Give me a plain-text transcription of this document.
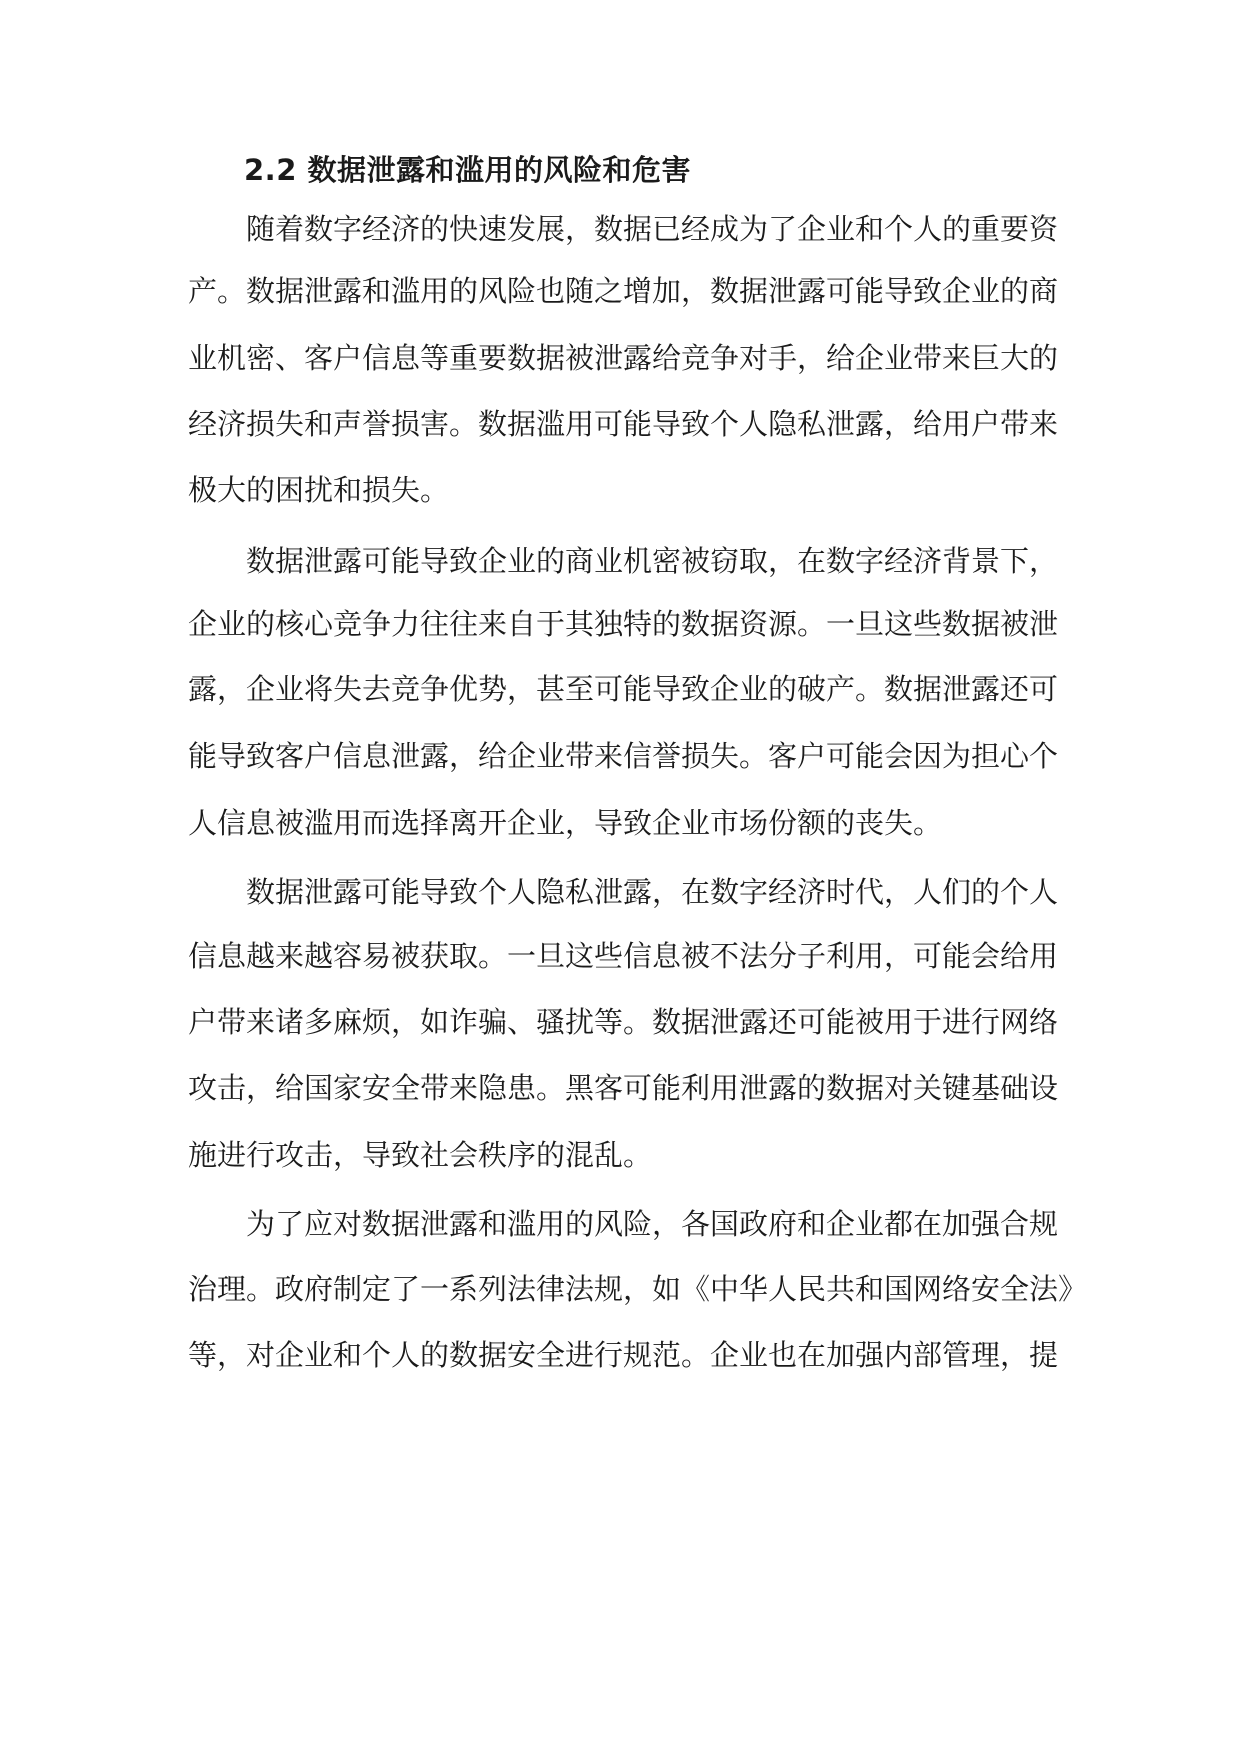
2.2 数据泄露和滥用的风险和危害
随着数字经济的快速发展，数据已经成为了企业和个人的重要资
产。数据泄露和滥用的风险也随之增加，数据泄露可能导致企业的商
业机密、客户信息等重要数据被泄露给竞争对手，给企业带来巨大的
经济损失和声誉损害。数据滥用可能导致个人隐私泄露，给用户带来
极大的困扰和损失。
数据泄露可能导致企业的商业机密被窃取，在数字经济背景下，
企业的核心竞争力往往来自于其独特的数据资源。一旦这些数据被泄
露，企业将失去竞争优势，甚至可能导致企业的破产。数据泄露还可
能导致客户信息泄露，给企业带来信誉损失。客户可能会因为担心个
人信息被滥用而选择离开企业，导致企业市场份额的丧失。
数据泄露可能导致个人隐私泄露，在数字经济时代，人们的个人
信息越来越容易被获取。一旦这些信息被不法分子利用，可能会给用
户带来诸多麻烦，如诈骗、骚扰等。数据泄露还可能被用于进行网络
攻击，给国家安全带来隐患。黑客可能利用泄露的数据对关键基础设
施进行攻击，导致社会秩序的混乱。
为了应对数据泄露和滥用的风险，各国政府和企业都在加强合规
治理。政府制定了一系列法律法规，如《中华人民共和国网络安全法》
等，对企业和个人的数据安全进行规范。企业也在加强内部管理，提
